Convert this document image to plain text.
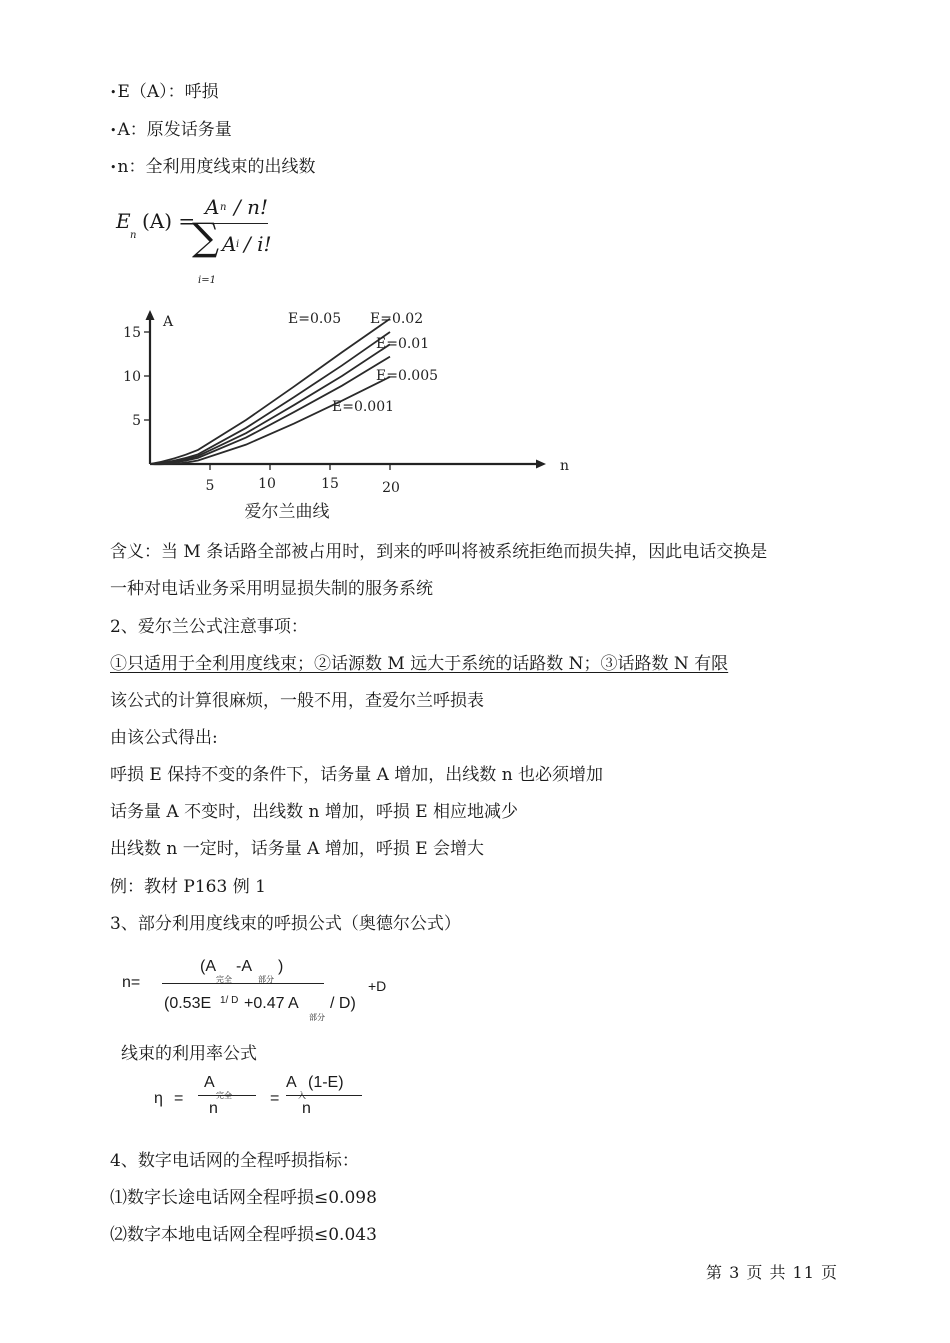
• E（A）：呼损
• A：原发话务量
• n：全利用度线束的出线数
E
n
(A) =
A n / n!
∑ A i / i!
i=1
5	10	15	20
5
10
15
n
A	E=0.05 E=0.02
E=0.01
E=0.005
E=0.001
爱尔兰曲线
含义：当 M 条话路全部被占用时，到来的呼叫将被系统拒绝而损失掉，因此电话交换是
一种对电话业务采用明显损失制的服务系统
2、爱尔兰公式注意事项：
①只适用于全利用度线束；②话源数 M 远大于系统的话路数 N；③话路数 N 有限
该公式的计算很麻烦，一般不用，查爱尔兰呼损表
由该公式得出:
呼损 E 保持不变的条件下，话务量 A 增加，出线数 n 也必须增加
话务量 A 不变时，出线数 n 增加，呼损 E 相应地减少
出线数 n 一定时，话务量 A 增加，呼损 E 会增大
例：教材 P163 例 1
3、部分利用度线束的呼损公式（奥德尔公式）
n=
(A
完全
-A
部分
)
(0.53E 1/ D +0.47 A
部分
/ D)
+D
线束的利用率公式
η =
A
完全
n
=
A
入
(1-E)
n
4、数字电话网的全程呼损指标：
⑴数字长途电话网全程呼损≤0.098
⑵数字本地电话网全程呼损≤0.043
第 3 页 共 11 页
